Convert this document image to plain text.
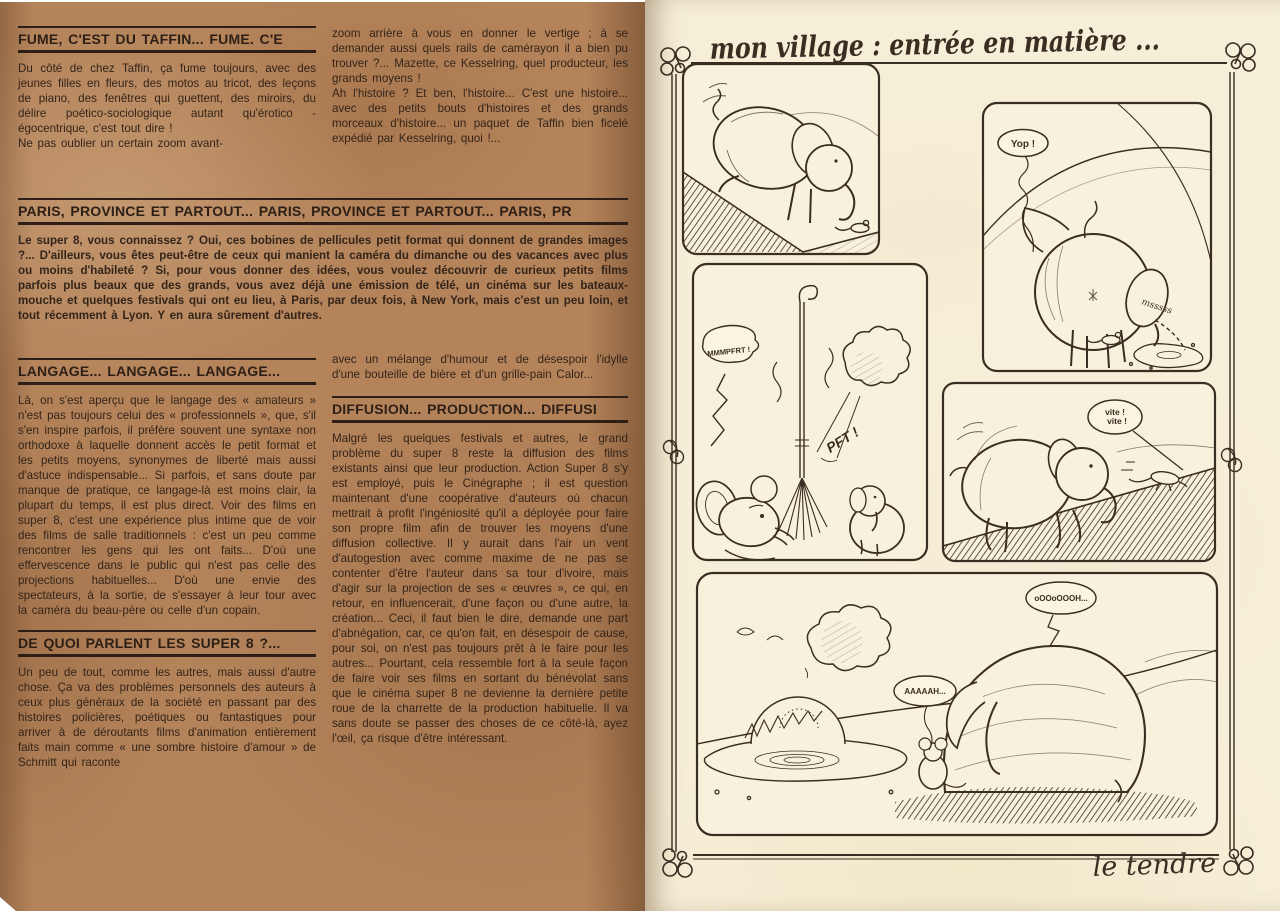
FUME, C'EST DU TAFFIN... FUME. C'E

Du côté de chez Taffin, ça fume toujours, avec des jeunes filles en fleurs, des motos au tricot, des leçons de piano, des fenêtres qui guettent, des miroirs, du délire poético-sociologique autant qu'érotico - égocentrique, c'est tout dire !

Ne pas oublier un certain zoom avant-

zoom arrière à vous en donner le vertige ; à se demander aussi quels rails de camérayon il a bien pu trouver ?... Mazette, ce Kesselring, quel producteur, les grands moyens !

Ah l'histoire ? Et ben, l'histoire... C'est une histoire... avec des petits bouts d'histoires et des grands morceaux d'histoire... un paquet de Taffin bien ficelé expédié par Kesselring, quoi !...

PARIS, PROVINCE ET PARTOUT... PARIS, PROVINCE ET PARTOUT... PARIS, PR

Le super 8, vous connaissez ? Oui, ces bobines de pellicules petit format qui donnent de grandes images ?... D'ailleurs, vous êtes peut-être de ceux qui manient la caméra du dimanche ou des vacances avec plus ou moins d'habileté ? Si, pour vous donner des idées, vous voulez découvrir de curieux petits films parfois plus beaux que des grands, vous avez déjà une émission de télé, un cinéma sur les bateaux-mouche et quelques festivals qui ont eu lieu, à Paris, par deux fois, à New York, mais c'est un peu loin, et tout récemment à Lyon. Y en aura sûrement d'autres.

LANGAGE... LANGAGE... LANGAGE...

Là, on s'est aperçu que le langage des « amateurs » n'est pas toujours celui des « professionnels », que, s'il s'en inspire parfois, il préfère souvent une syntaxe non orthodoxe à laquelle donnent accès le petit format et les petits moyens, synonymes de liberté mais aussi d'astuce indispensable... Si parfois, et sans doute par manque de pratique, ce langage-là est moins clair, la plupart du temps, il est plus direct. Voir des films en super 8, c'est une expérience plus intime que de voir des films de salle traditionnels : c'est un peu comme rencontrer les gens qui les ont faits... D'où une effervescence dans le public qui n'est pas celle des projections habituelles... D'où une envie des spectateurs, à la sortie, de s'essayer à leur tour avec la caméra du beau-père ou celle d'un copain.

DE QUOI PARLENT LES SUPER 8 ?...

Un peu de tout, comme les autres, mais aussi d'autre chose. Ça va des problèmes personnels des auteurs à ceux plus généraux de la société en passant par des histoires policières, poétiques ou fantastiques pour arriver à de déroutants films d'animation entièrement faits main comme « une sombre histoire d'amour » de Schmitt qui raconte

avec un mélange d'humour et de désespoir l'idylle d'une bouteille de bière et d'un grille-pain Calor...

DIFFUSION... PRODUCTION... DIFFUSI

Malgré les quelques festivals et autres, le grand problème du super 8 reste la diffusion des films existants ainsi que leur production. Action Super 8 s'y est employé, puis le Cinégraphe ; il est question maintenant d'une coopérative d'auteurs où chacun mettrait à profit l'ingéniosité qu'il a déployée pour faire son propre film afin de trouver les moyens d'une diffusion collective. Il y aurait dans l'air un vent d'autogestion avec comme maxime de ne pas se contenter d'être l'auteur dans sa tour d'ivoire, mais d'agir sur la projection de ses « œuvres », ce qui, en retour, en influencerait, d'une façon ou d'une autre, la création... Ceci, il faut bien le dire, demande une part d'abnégation, car, ce qu'on fait, en désespoir de cause, pour soi, on n'est pas toujours prêt à le faire pour les autres... Pourtant, cela ressemble fort à la seule façon de faire voir ses films en sortant du bénévolat sans que le cinéma super 8 ne devienne la dernière petite roue de la charrette de la production habituelle. Il va sans doute se passer des choses de ce côté-là, ayez l'œil, ça risque d'être intéressant.

mon village : entrée en matière ...
Yop !
msssss
MMMPFRT !
PFT !
vite !
vite !
AAAAAH...
oOOoOOOH...
le tendre
